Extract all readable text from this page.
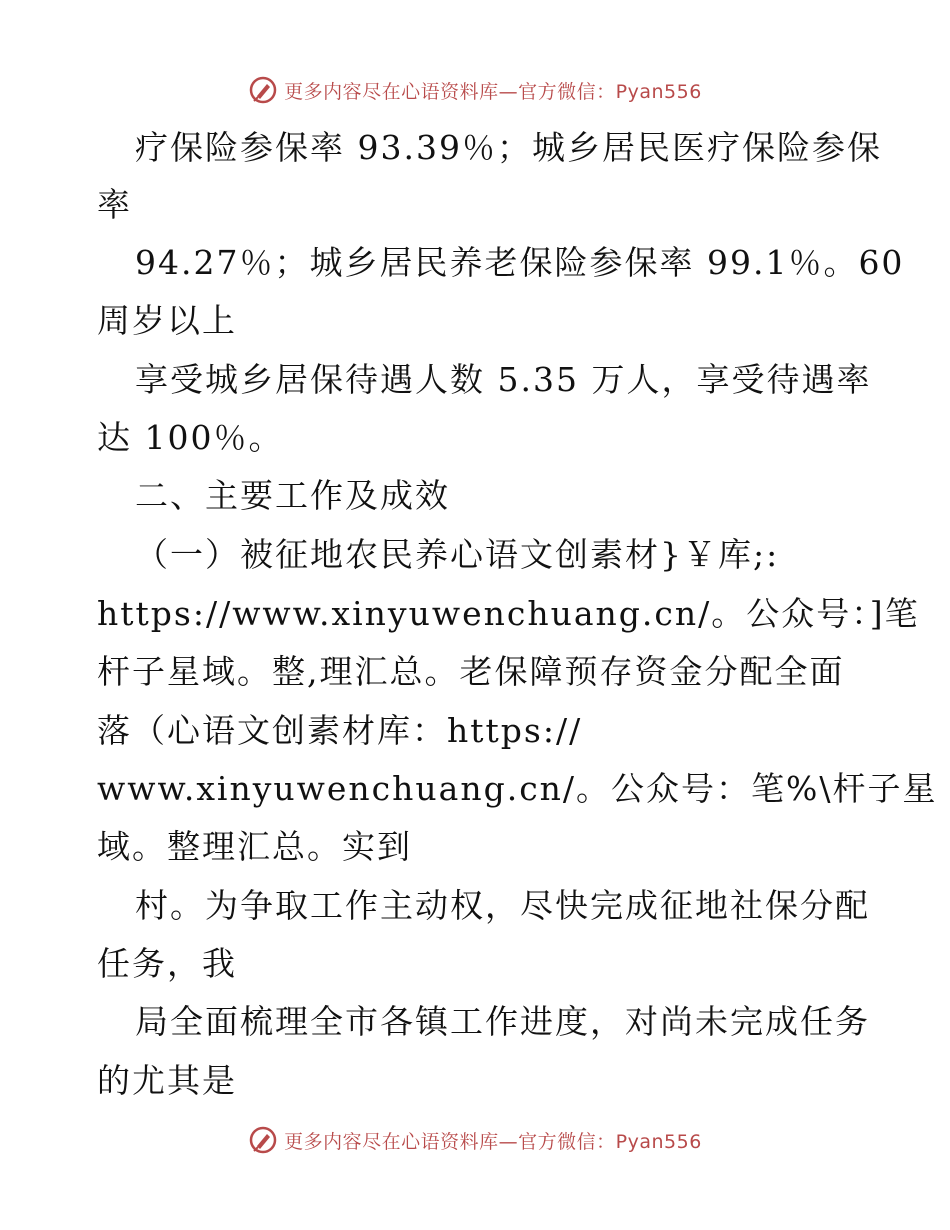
更多内容尽在心语资料库—官方微信：Pyan556
疗保险参保率 93.39％；城乡居民医疗保险参保
率
94.27％；城乡居民养老保险参保率 99.1％。60
周岁以上
享受城乡居保待遇人数 5.35 万人，享受待遇率
达 100％。
二、主要工作及成效
（一）被征地农民养心语文创素材}￥库;:
https://www.xinyuwenchuang.cn/。公众号：]笔
杆子星域。整,理汇总。老保障预存资金分配全面
落（心语文创素材库：https://
www.xinyuwenchuang.cn/。公众号：笔%\杆子星
域。整理汇总。实到
村。为争取工作主动权，尽快完成征地社保分配
任务，我
局全面梳理全市各镇工作进度，对尚未完成任务
的尤其是
更多内容尽在心语资料库—官方微信：Pyan556
